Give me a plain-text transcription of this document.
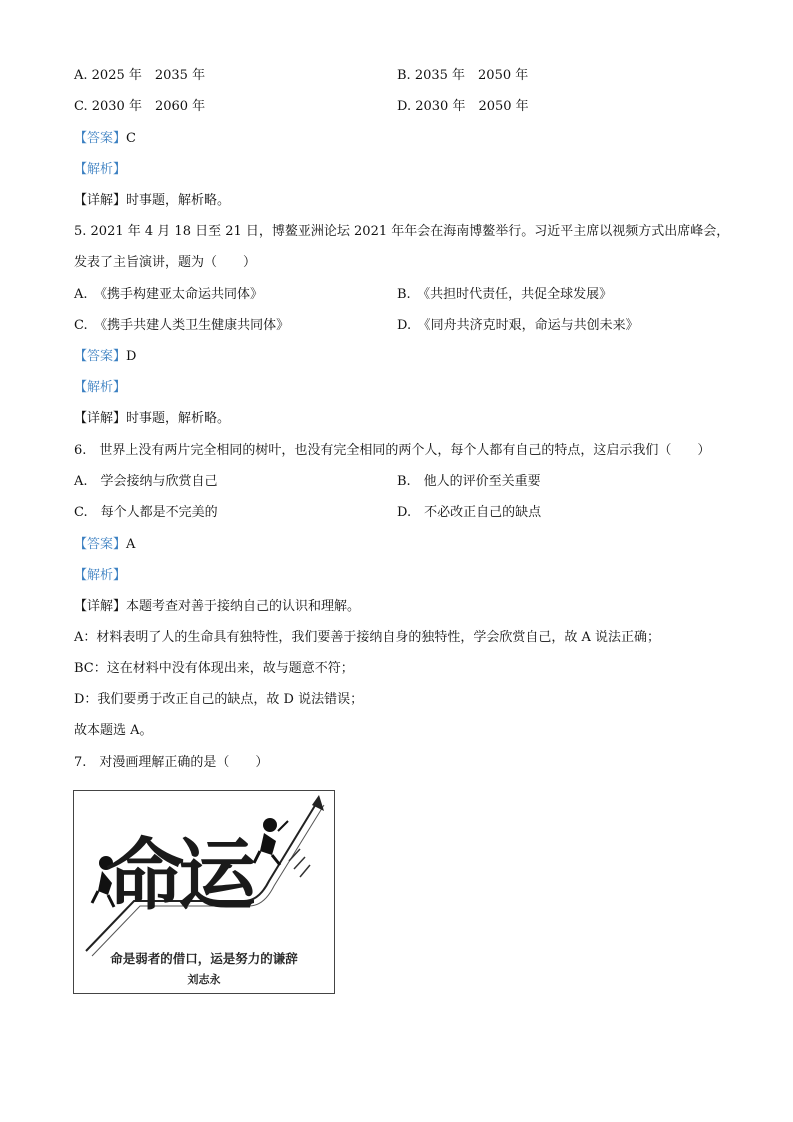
A. 2025 年　2035 年	B. 2035 年　2050 年
C. 2030 年　2060 年	D. 2030 年　2050 年
【答案】C
【解析】
【详解】时事题，解析略。
5. 2021 年 4 月 18 日至 21 日，博鳌亚洲论坛 2021 年年会在海南博鳌举行。习近平主席以视频方式出席峰会，
发表了主旨演讲，题为（　　）
A.　《携手构建亚太命运共同体》	B.　《共担时代责任，共促全球发展》
C.　《携手共建人类卫生健康共同体》	D.　《同舟共济克时艰，命运与共创未来》
【答案】D
【解析】
【详解】时事题，解析略。
6.　世界上没有两片完全相同的树叶，也没有完全相同的两个人，每个人都有自己的特点，这启示我们（　　）
A.　学会接纳与欣赏自己	B.　他人的评价至关重要
C.　每个人都是不完美的	D.　不必改正自己的缺点
【答案】A
【解析】
【详解】本题考查对善于接纳自己的认识和理解。
A：材料表明了人的生命具有独特性，我们要善于接纳自身的独特性，学会欣赏自己，故 A 说法正确；
BC：这在材料中没有体现出来，故与题意不符；
D：我们要勇于改正自己的缺点，故 D 说法错误；
故本题选 A。
7.　对漫画理解正确的是（　　）
命运
命是弱者的借口，运是努力的谦辞
刘志永
